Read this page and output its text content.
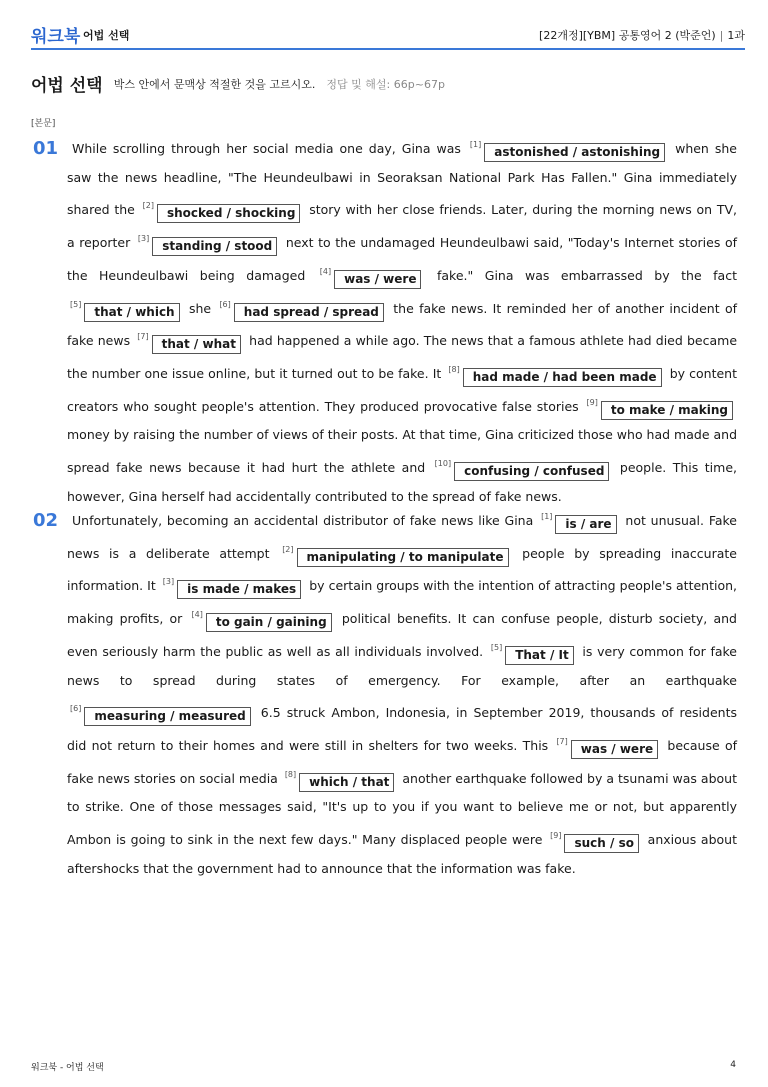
워크북 어법 선택	[22개정][YBM] 공통영어 2 (박준언) | 1과
어법 선택 박스 안에서 문맥상 적절한 것을 고르시오. 정답 및 해설: 66p~67p
[본문]
01	While scrolling through her social media one day, Gina was [1]astonished / astonishing when she saw the news headline, "The Heundeulbawi in Seoraksan National Park Has Fallen." Gina immediately shared the [2]shocked / shocking story with her close friends. Later, during the morning news on TV, a reporter [3]standing / stood next to the undamaged Heundeulbawi said, "Today's Internet stories of the Heundeulbawi being damaged [4]was / were fake." Gina was embarrassed by the fact [5]that / which she [6]had spread / spread the fake news. It reminded her of another incident of fake news [7]that / what had happened a while ago. The news that a famous athlete had died became the number one issue online, but it turned out to be fake. It [8]had made / had been made by content creators who sought people's attention. They produced provocative false stories [9]to make / making money by raising the number of views of their posts. At that time, Gina criticized those who had made and spread fake news because it had hurt the athlete and [10]confusing / confused people. This time, however, Gina herself had accidentally contributed to the spread of fake news.

02	Unfortunately, becoming an accidental distributor of fake news like Gina [1]is / are not unusual. Fake news is a deliberate attempt [2]manipulating / to manipulate people by spreading inaccurate information. It [3]is made / makes by certain groups with the intention of attracting people's attention, making profits, or [4]to gain / gaining political benefits. It can confuse people, disturb society, and even seriously harm the public as well as all individuals involved. [5]That / It is very common for fake news to spread during states of emergency. For example, after an earthquake [6]measuring / measured 6.5 struck Ambon, Indonesia, in September 2019, thousands of residents did not return to their homes and were still in shelters for two weeks. This [7]was / were because of fake news stories on social media [8]which / that another earthquake followed by a tsunami was about to strike. One of those messages said, "It's up to you if you want to believe me or not, but apparently Ambon is going to sink in the next few days." Many displaced people were [9]such / so anxious about aftershocks that the government had to announce that the information was fake.

워크북 - 어법 선택	4
